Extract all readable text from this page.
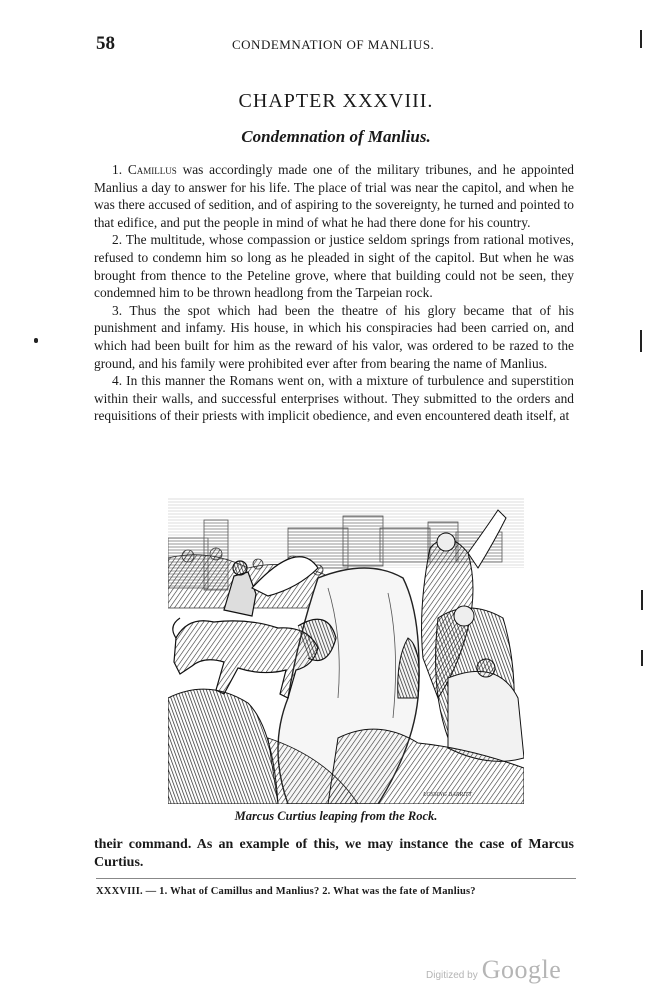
58	CONDEMNATION OF MANLIUS.
CHAPTER XXXVIII.
Condemnation of Manlius.

1. Camillus was accordingly made one of the military tribunes, and he appointed Manlius a day to answer for his life. The place of trial was near the capitol, and when he was there accused of sedition, and of aspiring to the sovereignty, he turned and pointed to that edifice, and put the people in mind of what he had there done for his country.

2. The multitude, whose compassion or justice seldom springs from rational motives, refused to condemn him so long as he pleaded in sight of the capitol. But when he was brought from thence to the Peteline grove, where that building could not be seen, they condemned him to be thrown headlong from the Tarpeian rock.

3. Thus the spot which had been the theatre of his glory became that of his punishment and infamy. His house, in which his conspiracies had been carried on, and which had been built for him as the reward of his valor, was ordered to be razed to the ground, and his family were prohibited ever after from bearing the name of Manlius.

4. In this manner the Romans went on, with a mixture of turbulence and superstition within their walls, and successful enterprises without. They submitted to the orders and requisitions of their priests with implicit obedience, and even encountered death itself, at

LOSSING BARRITT

Marcus Curtius leaping from the Rock.

their command. As an example of this, we may instance the case of Marcus Curtius.

XXXVIII. — 1. What of Camillus and Manlius? 2. What was the fate of Manlius?

Digitized by Google
